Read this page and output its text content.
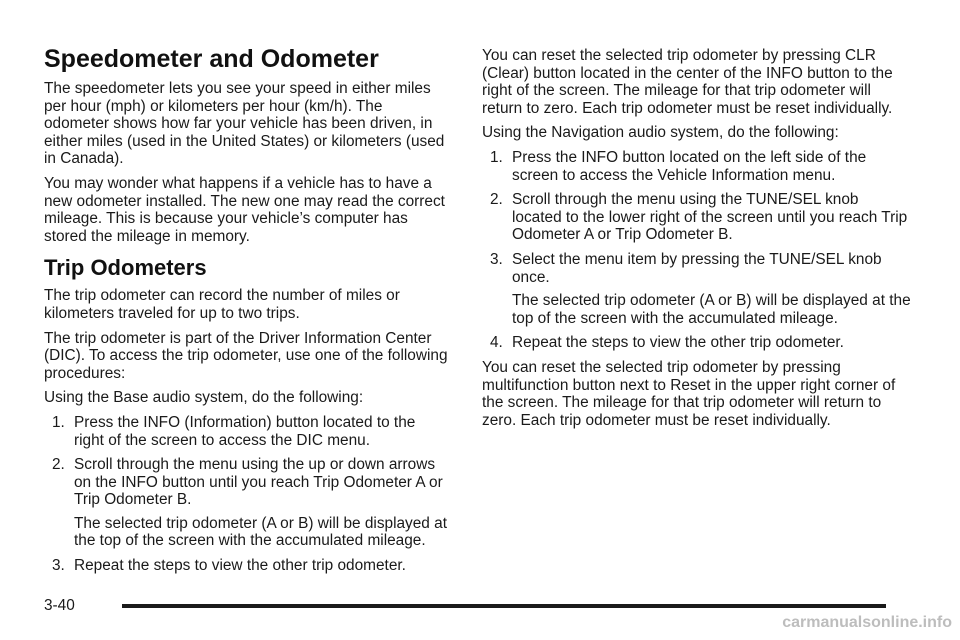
Speedometer and Odometer

The speedometer lets you see your speed in either miles per hour (mph) or kilometers per hour (km/h). The odometer shows how far your vehicle has been driven, in either miles (used in the United States) or kilometers (used in Canada).

You may wonder what happens if a vehicle has to have a new odometer installed. The new one may read the correct mileage. This is because your vehicle’s computer has stored the mileage in memory.

Trip Odometers

The trip odometer can record the number of miles or kilometers traveled for up to two trips.

The trip odometer is part of the Driver Information Center (DIC). To access the trip odometer, use one of the following procedures:

Using the Base audio system, do the following:

1. Press the INFO (Information) button located to the right of the screen to access the DIC menu.
2. Scroll through the menu using the up or down arrows on the INFO button until you reach Trip Odometer A or Trip Odometer B.
The selected trip odometer (A or B) will be displayed at the top of the screen with the accumulated mileage.
3. Repeat the steps to view the other trip odometer.

You can reset the selected trip odometer by pressing CLR (Clear) button located in the center of the INFO button to the right of the screen. The mileage for that trip odometer will return to zero. Each trip odometer must be reset individually.

Using the Navigation audio system, do the following:

1. Press the INFO button located on the left side of the screen to access the Vehicle Information menu.
2. Scroll through the menu using the TUNE/SEL knob located to the lower right of the screen until you reach Trip Odometer A or Trip Odometer B.
3. Select the menu item by pressing the TUNE/SEL knob once.
The selected trip odometer (A or B) will be displayed at the top of the screen with the accumulated mileage.
4. Repeat the steps to view the other trip odometer.

You can reset the selected trip odometer by pressing multifunction button next to Reset in the upper right corner of the screen. The mileage for that trip odometer will return to zero. Each trip odometer must be reset individually.

3-40
carmanualsonline.info
